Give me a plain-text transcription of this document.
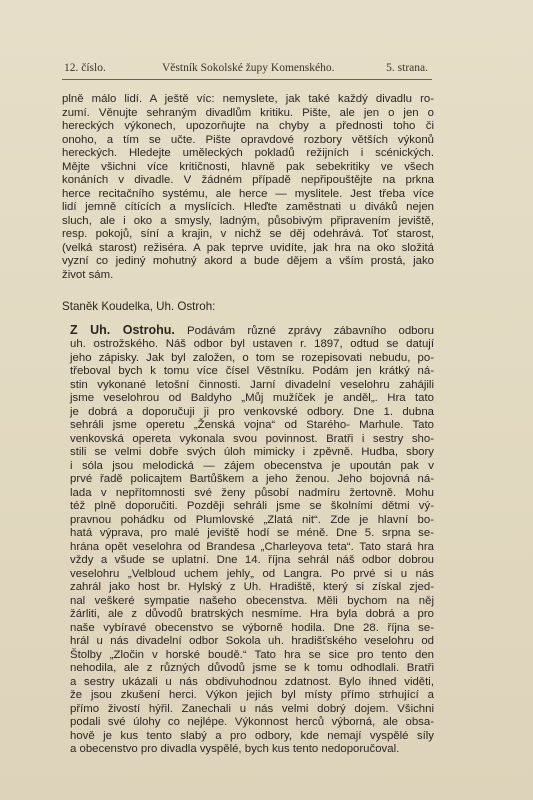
12. číslo.	Věstník Sokolské župy Komenského.	5. strana.

plně málo lidí. A ještě víc: nemyslete, jak také každý divadlu ro-
zumí. Věnujte sehraným divadlům kritiku. Pište, ale jen o jen o
hereckých výkonech, upozorňujte na chyby a přednosti toho či
onoho, a tím se učte. Pište opravdové rozbory větších výkonů
hereckých. Hledejte uměleckých pokladů režijních i scénických.
Mějte všichni více kritičnosti, hlavně pak sebekritiky ve všech
konáních v divadle. V žádném případě nepřipouštějte na prkna
herce recitačního systému, ale herce — myslitele. Jest třeba více
lidí jemně cítících a myslících. Hleďte zaměstnati u diváků nejen
sluch, ale i oko a smysly, ladným, působivým připravením jeviště,
resp. pokojů, síní a krajin, v nichž se děj odehrává. Toť starost,
(velká starost) režiséra. A pak teprve uvidíte, jak hra na oko složitá
vyzní co jediný mohutný akord a bude dějem a vším prostá, jako
život sám.

Staněk Koudelka, Uh. Ostroh:

Z Uh. Ostrohu. Podávám různé zprávy zábavního odboru
uh. ostrožského. Náš odbor byl ustaven r. 1897, odtud se datují
jeho zápisky. Jak byl založen, o tom se rozepisovati nebudu, po-
třeboval bych k tomu více čísel Věstníku. Podám jen krátký ná-
stin vykonané letošní činnosti. Jarní divadelní veselohru zahájili
jsme veselohrou od Baldyho „Můj mužíček je anděl„. Hra tato
je dobrá a doporučuji ji pro venkovské odbory. Dne 1. dubna
sehráli jsme operetu „Ženská vojna“ od Starého- Marhule. Tato
venkovská opereta vykonala svou povinnost. Bratři i sestry sho-
stili se velmi dobře svých úloh mimicky i zpěvně. Hudba, sbory
i sóla jsou melodická — zájem obecenstva je upoután pak v
prvé řadě policajtem Bartůškem a jeho ženou. Jeho bojovná ná-
lada v nepřítomnosti své ženy působí nadmíru žertovně. Mohu
též plně doporučiti. Později sehráli jsme se školními dětmi vý-
pravnou pohádku od Plumlovské „Zlatá nit“. Zde je hlavní bo-
hatá výprava, pro malé jeviště hodí se méně. Dne 5. srpna se-
hrána opět veselohra od Brandesa „Charleyova teta“. Tato stará hra
vždy a všude se uplatní. Dne 14. října sehrál náš odbor dobrou
veselohru „Velbloud uchem jehly„ od Langra. Po prvé si u nás
zahrál jako host br. Hylský z Uh. Hradiště, který si získal zjed-
nal veškeré sympatie našeho obecenstva. Měli bychom na něj
žárliti, ale z důvodů bratrských nesmíme. Hra byla dobrá a pro
naše vybíravé obecenstvo se výborně hodila. Dne 28. října se-
hrál u nás divadelní odbor Sokola uh. hradišťského veselohru od
Štolby „Zločin v horské boudě.“ Tato hra se sice pro tento den
nehodila, ale z různých důvodů jsme se k tomu odhodlali. Bratři
a sestry ukázali u nás obdivuhodnou zdatnost. Bylo ihned viděti,
že jsou zkušení herci. Výkon jejich byl místy přímo strhující a
přímo živostí hýřil. Zanechali u nás velmi dobrý dojem. Všichni
podali své úlohy co nejlépe. Výkonnost herců výborná, ale obsa-
hově je kus tento slabý a pro odbory, kde nemají vyspělé síly
a obecenstvo pro divadla vyspělé, bych kus tento nedoporučoval.
